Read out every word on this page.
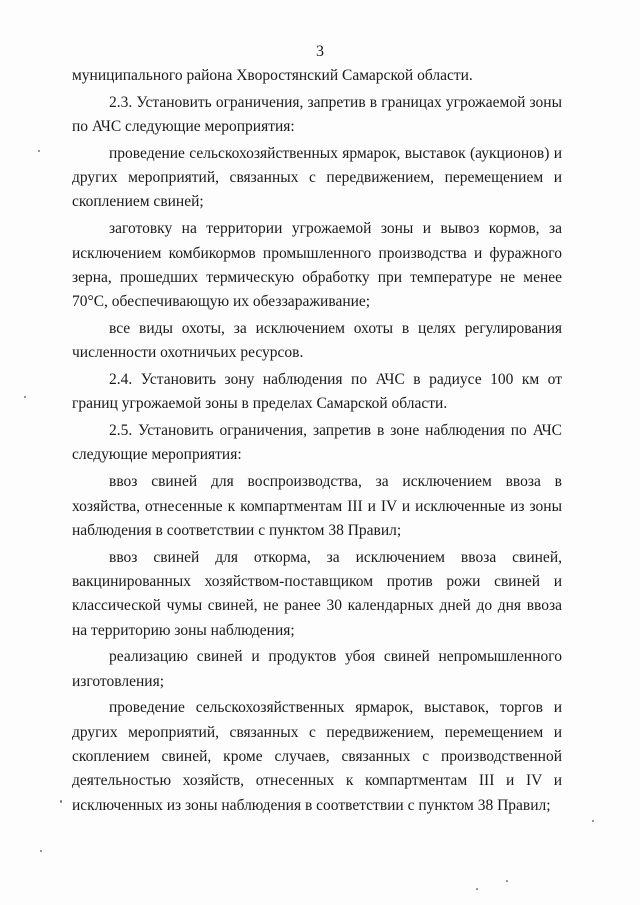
3

муниципального района Хворостянский Самарской области.

2.3. Установить ограничения, запретив в границах угрожаемой зоны по АЧС следующие мероприятия:

проведение сельскохозяйственных ярмарок, выставок (аукционов) и других мероприятий, связанных с передвижением, перемещением и скоплением свиней;

заготовку на территории угрожаемой зоны и вывоз кормов, за исключением комбикормов промышленного производства и фуражного зерна, прошедших термическую обработку при температуре не менее 70°С, обеспечивающую их обеззараживание;

все виды охоты, за исключением охоты в целях регулирования численности охотничьих ресурсов.

2.4. Установить зону наблюдения по АЧС в радиусе 100 км от границ угрожаемой зоны в пределах Самарской области.

2.5. Установить ограничения, запретив в зоне наблюдения по АЧС следующие мероприятия:

ввоз свиней для воспроизводства, за исключением ввоза в хозяйства, отнесенные к компартментам III и IV и исключенные из зоны наблюдения в соответствии с пунктом 38 Правил;

ввоз свиней для откорма, за исключением ввоза свиней, вакцинированных хозяйством-поставщиком против рожи свиней и классической чумы свиней, не ранее 30 календарных дней до дня ввоза на территорию зоны наблюдения;

реализацию свиней и продуктов убоя свиней непромышленного изготовления;

проведение сельскохозяйственных ярмарок, выставок, торгов и других мероприятий, связанных с передвижением, перемещением и скоплением свиней, кроме случаев, связанных с производственной деятельностью хозяйств, отнесенных к компартментам III и IV и исключенных из зоны наблюдения в соответствии с пунктом 38 Правил;
